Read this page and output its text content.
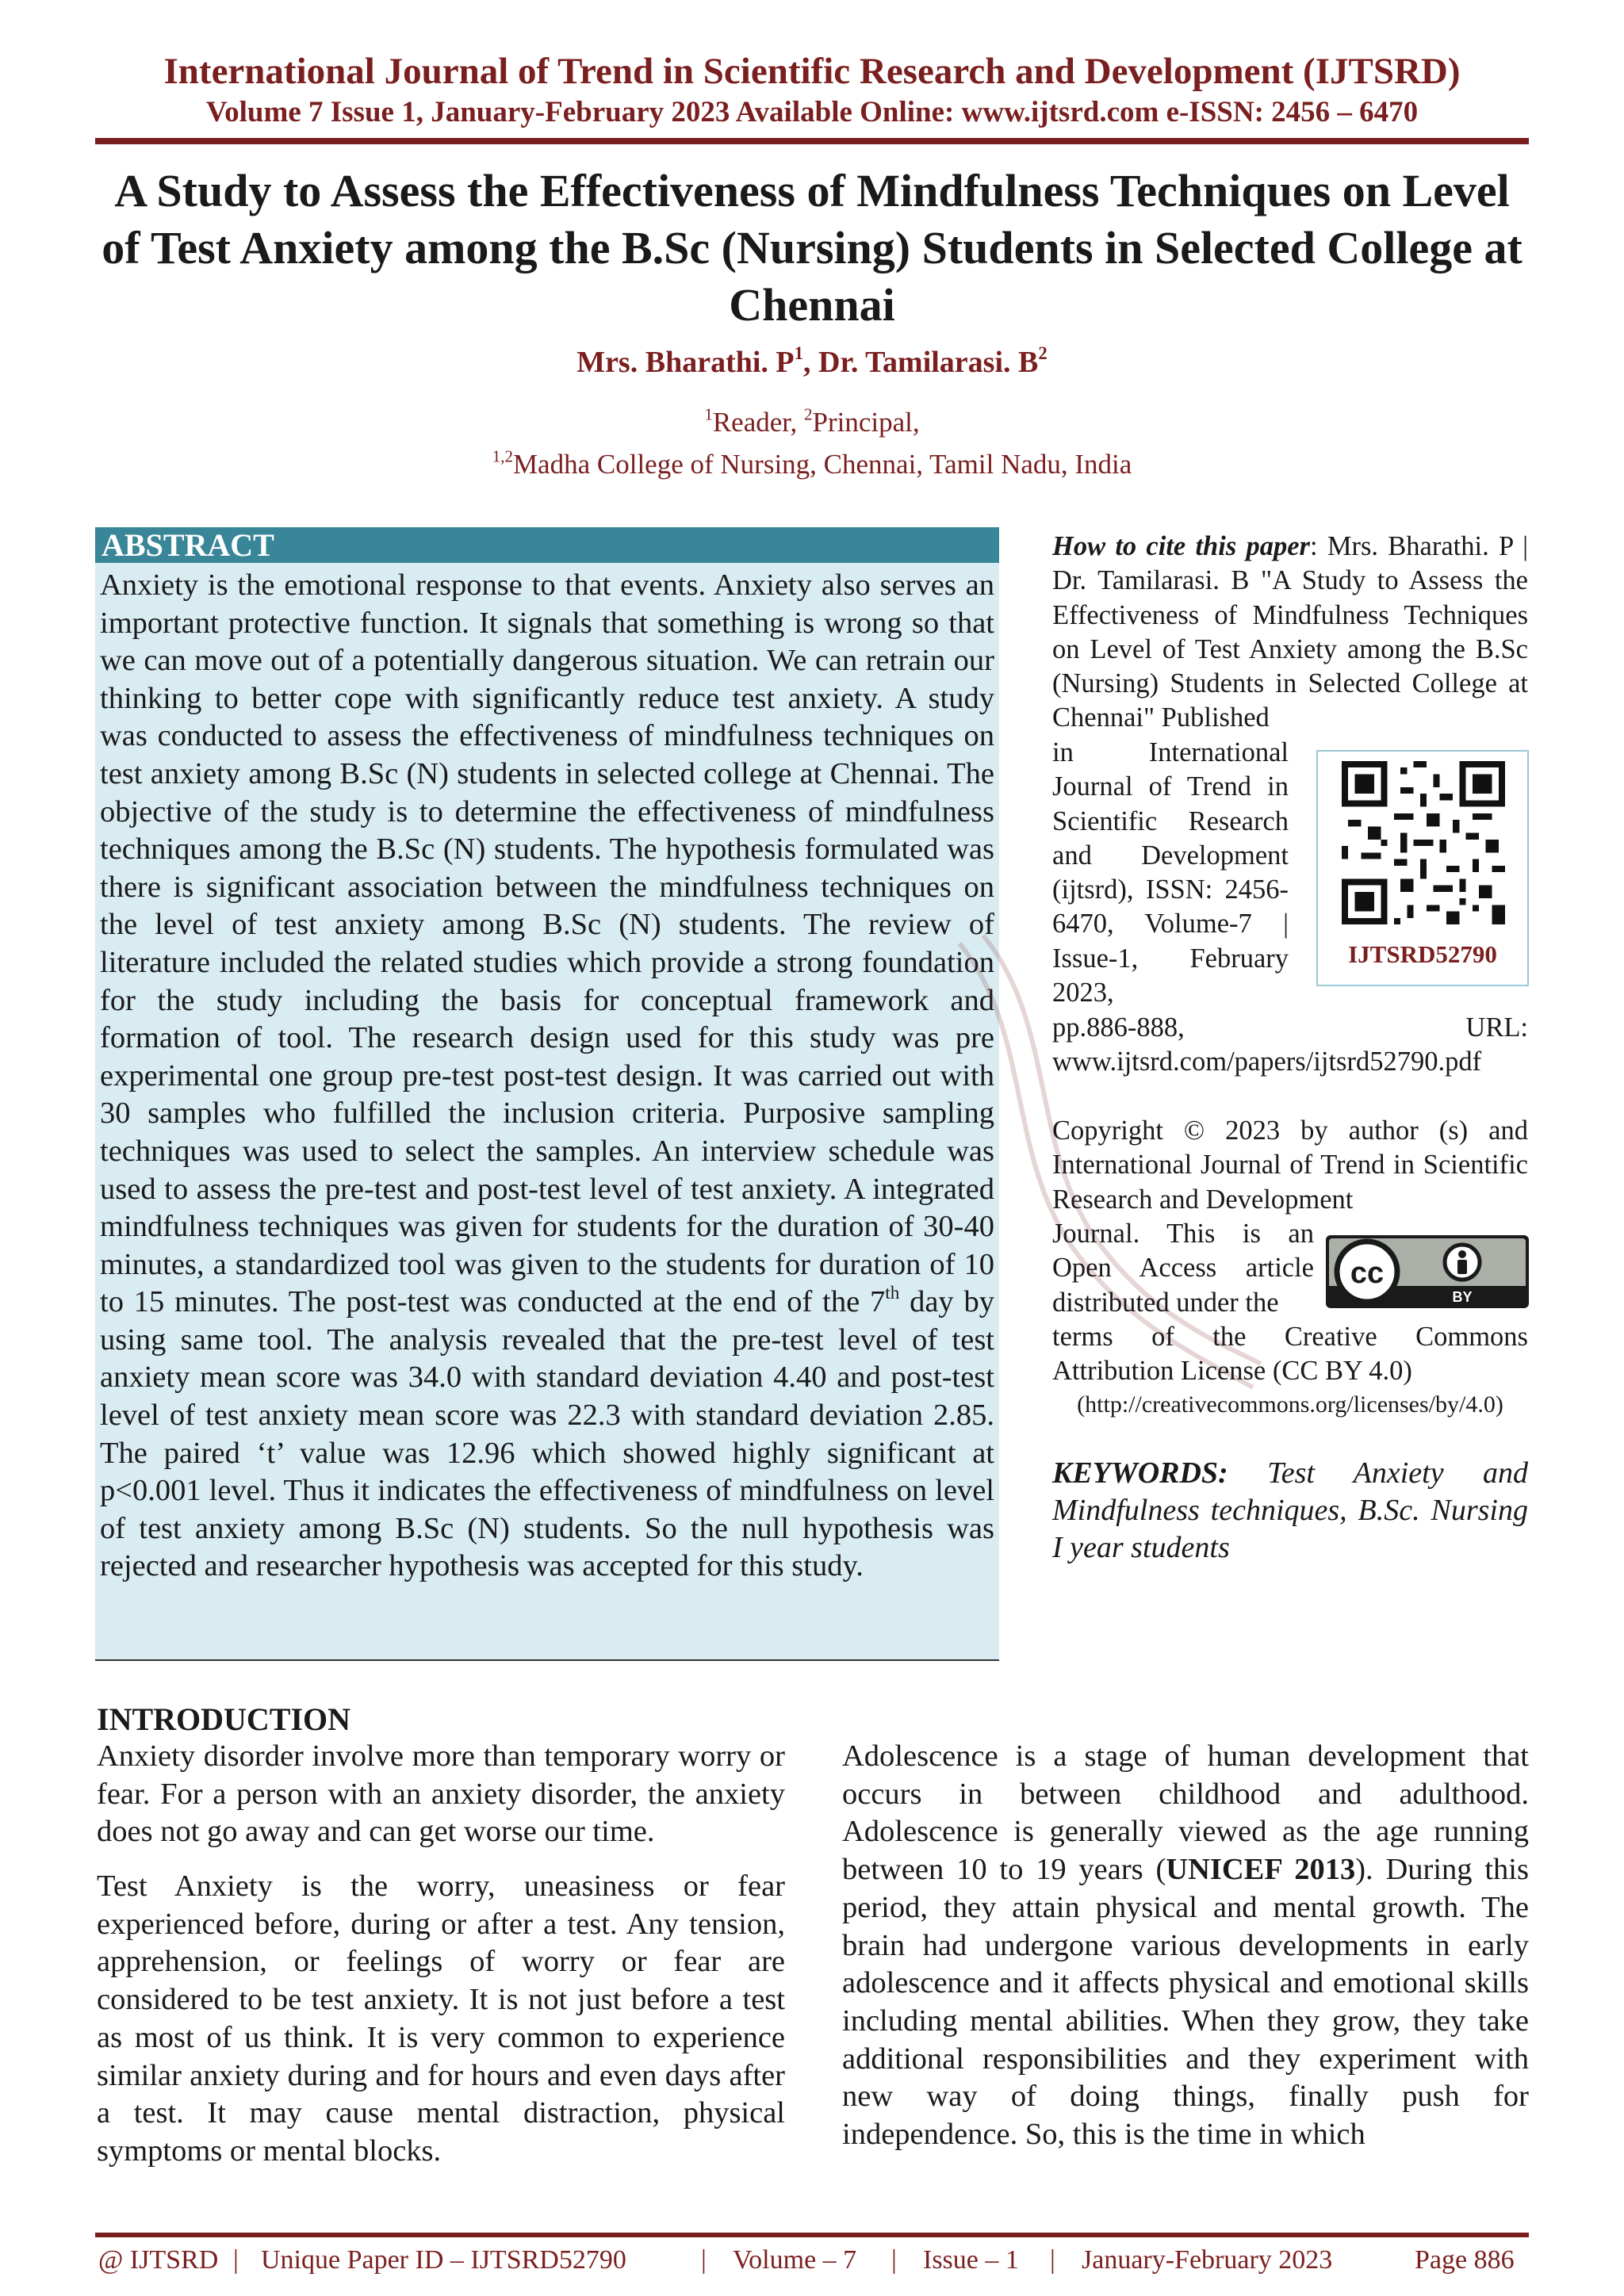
International Journal of Trend in Scientific Research and Development (IJTSRD)
Volume 7 Issue 1, January-February 2023 Available Online: www.ijtsrd.com e-ISSN: 2456 – 6470
A Study to Assess the Effectiveness of Mindfulness Techniques on Level of Test Anxiety among the B.Sc (Nursing) Students in Selected College at Chennai
Mrs. Bharathi. $P^1$, Dr. Tamilarasi. $B^2$
$^1$Reader, $^2$Principal,
$^{1,2}$Madha College of Nursing, Chennai, Tamil Nadu, India
ABSTRACT
Anxiety is the emotional response to that events. Anxiety also serves an important protective function. It signals that something is wrong so that we can move out of a potentially dangerous situation. We can retrain our thinking to better cope with significantly reduce test anxiety. A study was conducted to assess the effectiveness of mindfulness techniques on test anxiety among B.Sc (N) students in selected college at Chennai. The objective of the study is to determine the effectiveness of mindfulness techniques among the B.Sc (N) students. The hypothesis formulated was there is significant association between the mindfulness techniques on the level of test anxiety among B.Sc (N) students. The review of literature included the related studies which provide a strong foundation for the study including the basis for conceptual framework and formation of tool. The research design used for this study was pre experimental one group pre-test post-test design. It was carried out with 30 samples who fulfilled the inclusion criteria. Purposive sampling techniques was used to select the samples. An interview schedule was used to assess the pre-test and post-test level of test anxiety. A integrated mindfulness techniques was given for students for the duration of 30-40 minutes, a standardized tool was given to the students for duration of 10 to 15 minutes. The post-test was conducted at the end of the 7th day by using same tool. The analysis revealed that the pre-test level of test anxiety mean score was 34.0 with standard deviation 4.40 and post-test level of test anxiety mean score was 22.3 with standard deviation 2.85. The paired ‘t’ value was 12.96 which showed highly significant at p<0.001 level. Thus it indicates the effectiveness of mindfulness on level of test anxiety among B.Sc (N) students. So the null hypothesis was rejected and researcher hypothesis was accepted for this study.
How to cite this paper: Mrs. Bharathi. P | Dr. Tamilarasi. B "A Study to Assess the Effectiveness of Mindfulness Techniques on Level of Test Anxiety among the B.Sc (Nursing) Students in Selected College at Chennai" Published
in International Journal of Trend in Scientific Research and Development (ijtsrd), ISSN: 2456-6470, Volume-7 | Issue-1, February 2023,
pp.886-888, URL: www.ijtsrd.com/papers/ijtsrd52790.pdf
IJTSRD52790
Copyright © 2023 by author (s) and International Journal of Trend in Scientific Research and Development
Journal. This is an Open Access article distributed under the
terms of the Creative Commons Attribution License (CC BY 4.0)
(http://creativecommons.org/licenses/by/4.0)
cc
BY
KEYWORDS: Test Anxiety and Mindfulness techniques, B.Sc. Nursing I year students
INTRODUCTION
Anxiety disorder involve more than temporary worry or fear. For a person with an anxiety disorder, the anxiety does not go away and can get worse our time.
Test Anxiety is the worry, uneasiness or fear experienced before, during or after a test. Any tension, apprehension, or feelings of worry or fear are considered to be test anxiety. It is not just before a test as most of us think. It is very common to experience similar anxiety during and for hours and even days after a test. It may cause mental distraction, physical symptoms or mental blocks.
Adolescence is a stage of human development that occurs in between childhood and adulthood. Adolescence is generally viewed as the age running between 10 to 19 years (UNICEF 2013). During this period, they attain physical and mental growth. The brain had undergone various developments in early adolescence and it affects physical and emotional skills including mental abilities. When they grow, they take additional responsibilities and they experiment with new way of doing things, finally push for independence. So, this is the time in which
@ IJTSRD | Unique Paper ID – IJTSRD52790	| Volume – 7 | Issue – 1 | January-February 2023	Page 886
